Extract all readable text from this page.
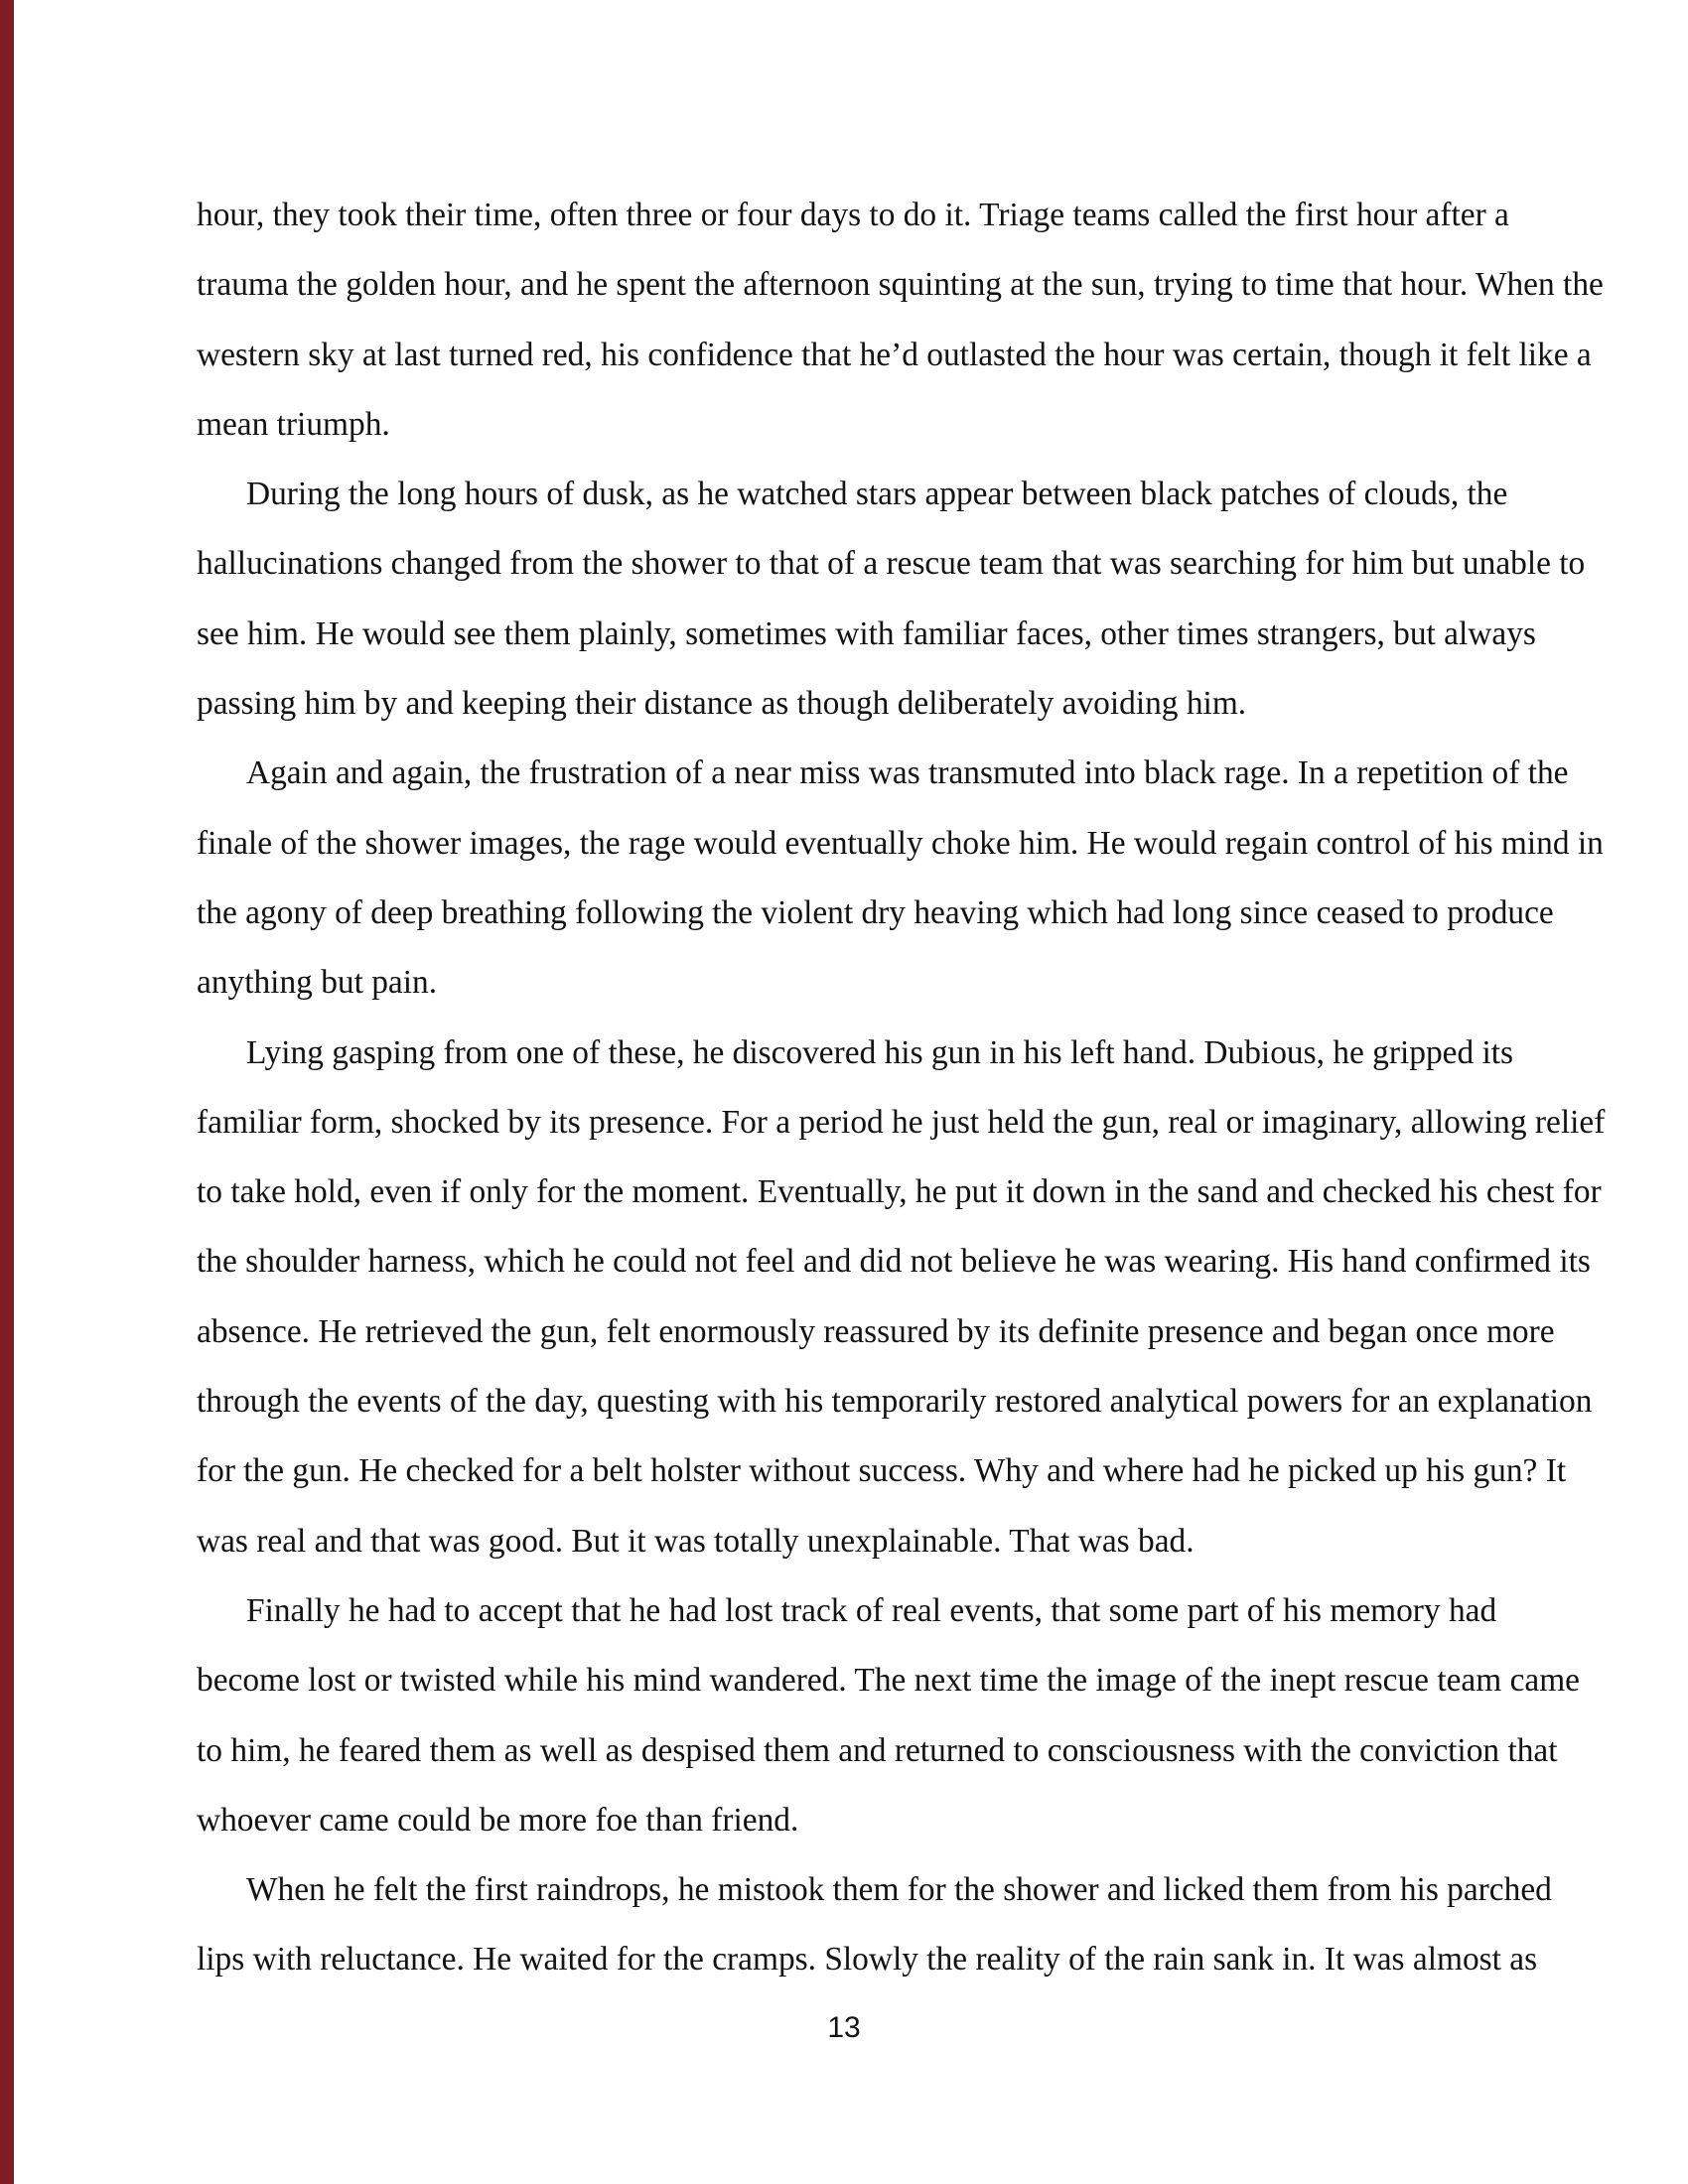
hour, they took their time, often three or four days to do it. Triage teams called the first hour after a
trauma the golden hour, and he spent the afternoon squinting at the sun, trying to time that hour. When the
western sky at last turned red, his confidence that he’d outlasted the hour was certain, though it felt like a
mean triumph.

During the long hours of dusk, as he watched stars appear between black patches of clouds, the
hallucinations changed from the shower to that of a rescue team that was searching for him but unable to
see him. He would see them plainly, sometimes with familiar faces, other times strangers, but always
passing him by and keeping their distance as though deliberately avoiding him.

Again and again, the frustration of a near miss was transmuted into black rage. In a repetition of the
finale of the shower images, the rage would eventually choke him. He would regain control of his mind in
the agony of deep breathing following the violent dry heaving which had long since ceased to produce
anything but pain.

Lying gasping from one of these, he discovered his gun in his left hand. Dubious, he gripped its
familiar form, shocked by its presence. For a period he just held the gun, real or imaginary, allowing relief
to take hold, even if only for the moment. Eventually, he put it down in the sand and checked his chest for
the shoulder harness, which he could not feel and did not believe he was wearing. His hand confirmed its
absence. He retrieved the gun, felt enormously reassured by its definite presence and began once more
through the events of the day, questing with his temporarily restored analytical powers for an explanation
for the gun. He checked for a belt holster without success. Why and where had he picked up his gun? It
was real and that was good. But it was totally unexplainable. That was bad.

Finally he had to accept that he had lost track of real events, that some part of his memory had
become lost or twisted while his mind wandered. The next time the image of the inept rescue team came
to him, he feared them as well as despised them and returned to consciousness with the conviction that
whoever came could be more foe than friend.

When he felt the first raindrops, he mistook them for the shower and licked them from his parched
lips with reluctance. He waited for the cramps. Slowly the reality of the rain sank in. It was almost as

13
